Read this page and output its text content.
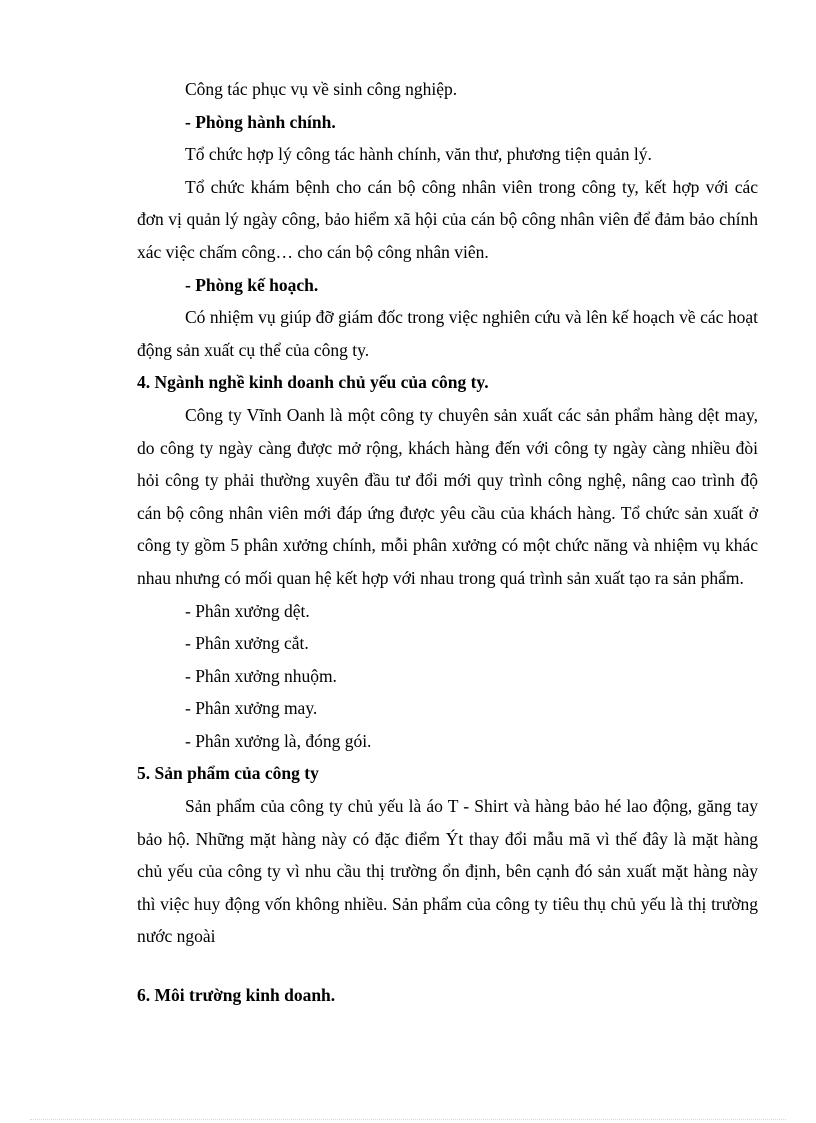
Công tác phục vụ về sinh công nghiệp.

- Phòng hành chính.

Tổ chức hợp lý công tác hành chính, văn thư, phương tiện quản lý.

Tổ chức khám bệnh cho cán bộ công nhân viên trong công ty, kết hợp với các đơn vị quản lý ngày công, bảo hiểm xã hội của cán bộ công nhân viên để đảm bảo chính xác việc chấm công… cho cán bộ công nhân viên.

- Phòng kế hoạch.

Có nhiệm vụ giúp đỡ giám đốc trong việc nghiên cứu và lên kế hoạch về các hoạt động sản xuất cụ thể của công ty.

4. Ngành nghề kinh doanh chủ yếu của công ty.

Công ty Vĩnh Oanh là một công ty chuyên sản xuất các sản phẩm hàng dệt may, do công ty ngày càng được mở rộng, khách hàng đến với công ty ngày càng nhiều đòi hỏi công ty phải thường xuyên đầu tư đổi mới quy trình công nghệ, nâng cao trình độ cán bộ công nhân viên mới đáp ứng được yêu cầu của khách hàng. Tổ chức sản xuất ở công ty gồm 5 phân xưởng chính, mỗi phân xưởng có một chức năng và nhiệm vụ khác nhau nhưng có mối quan hệ kết hợp với nhau trong quá trình sản xuất tạo ra sản phẩm.

- Phân xưởng dệt.

- Phân xưởng cắt.

- Phân xưởng nhuộm.

- Phân xưởng may.

- Phân xưởng là, đóng gói.

5. Sản phẩm của công ty

Sản phẩm của công ty chủ yếu là áo T - Shirt và hàng bảo hé lao động, găng tay bảo hộ. Những mặt hàng này có đặc điểm Ýt thay đổi mẫu mã vì thế đây là mặt hàng chủ yếu của công ty vì nhu cầu thị trường ổn định, bên cạnh đó sản xuất mặt hàng này thì việc huy động vốn không nhiều. Sản phẩm của công ty tiêu thụ chủ yếu là thị trường nước ngoài

6. Môi trường kinh doanh.
